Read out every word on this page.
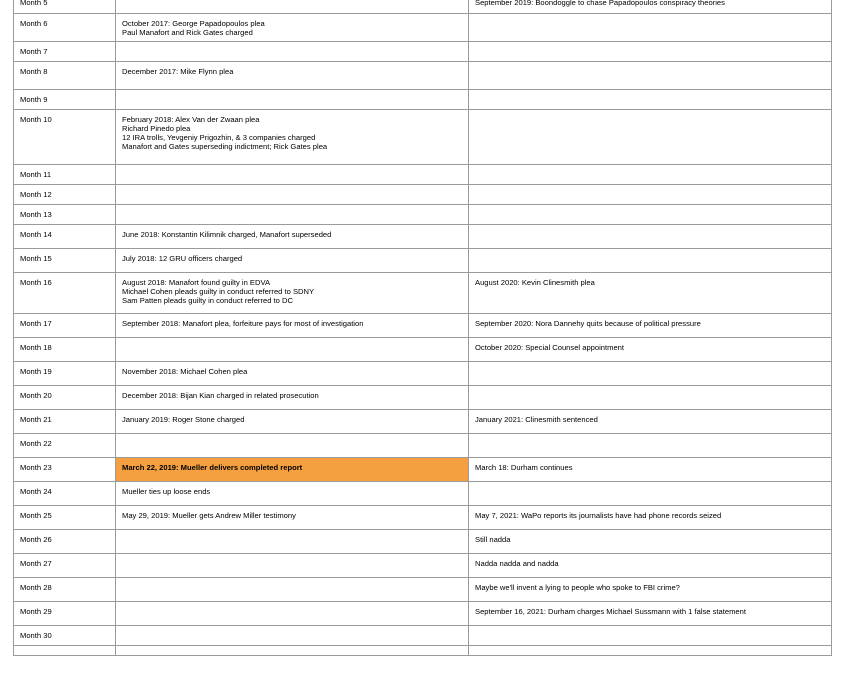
Month 5		September 2019: Boondoggle to chase Papadopoulos conspiracy theories

Month 6	October 2017: George Papadopoulos plea
Paul Manafort and Rick Gates charged	

Month 7		
Month 8	December 2017: Mike Flynn plea	

Month 9		
Month 10	February 2018: Alex Van der Zwaan plea
Richard Pinedo plea
12 IRA trolls, Yevgeniy Prigozhin, & 3 companies charged
Manafort and Gates superseding indictment; Rick Gates plea	

Month 11		
Month 12		
Month 13		
Month 14	June 2018: Konstantin Kilimnik charged, Manafort superseded	

Month 15	July 2018: 12 GRU officers charged	

Month 16	August 2018: Manafort found guilty in EDVA
Michael Cohen pleads guilty in conduct referred to SDNY
Sam Patten pleads guilty in conduct referred to DC	August 2020: Kevin Clinesmith plea

Month 17	September 2018: Manafort plea, forfeiture pays for most of investigation	September 2020: Nora Dannehy quits because of political pressure

Month 18		October 2020: Special Counsel appointment

Month 19	November 2018: Michael Cohen plea	

Month 20	December 2018: Bijan Kian charged in related prosecution	

Month 21	January 2019: Roger Stone charged	January 2021: Clinesmith sentenced

Month 22		
Month 23	March 22, 2019: Mueller delivers completed report	March 18: Durham continues

Month 24	Mueller ties up loose ends	

Month 25	May 29, 2019: Mueller gets Andrew Miller testimony	May 7, 2021: WaPo reports its journalists have had phone records seized

Month 26		Still nadda

Month 27		Nadda nadda and nadda

Month 28		Maybe we'll invent a lying to people who spoke to FBI crime?

Month 29		September 16, 2021: Durham charges Michael Sussmann with 1 false statement

Month 30		
